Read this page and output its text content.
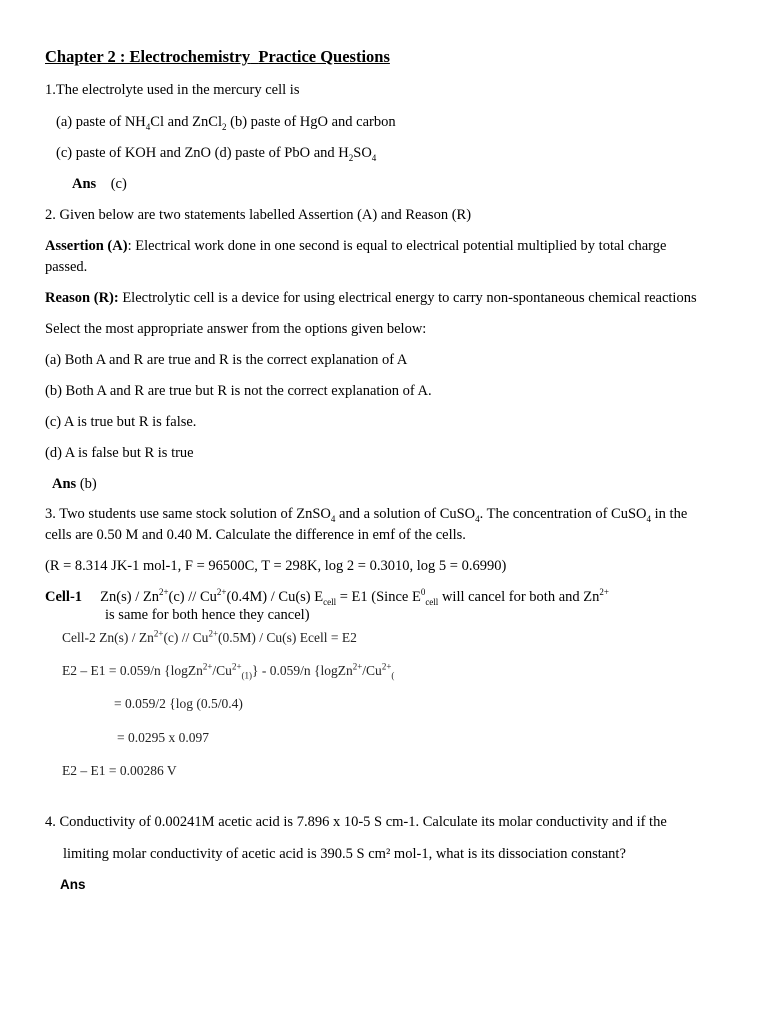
Chapter 2 : Electrochemistry Practice Questions
1.The electrolyte used in the mercury cell is
(a) paste of $NH_4Cl$ and ZnCl$_2$ (b) paste of HgO and carbon
(c) paste of KOH and ZnO (d) paste of PbO and $H_2SO_4$
Ans (c)
2. Given below are two statements labelled Assertion (A) and Reason (R)
Assertion (A): Electrical work done in one second is equal to electrical potential multiplied by total charge
passed.
Reason (R): Electrolytic cell is a device for using electrical energy to carry non-spontaneous chemical reactions
Select the most appropriate answer from the options given below:
(a) Both A and R are true and R is the correct explanation of A
(b) Both A and R are true but R is not the correct explanation of A.
(c) A is true but R is false.
(d) A is false but R is true
Ans (b)
3. Two students use same stock solution of ZnSO$_4$ and a solution of CuSO$_4$. The concentration of CuSO$_4$ in the
cells are 0.50 M and 0.40 M. Calculate the difference in emf of the cells.
(R = 8.314 JK-1 mol-1, F = 96500C, T = 298K, log 2 = 0.3010, log 5 = 0.6990)
Cell-1 $Zn(s) / Zn^{2+}(c) // Cu^{2+}(0.4M) / Cu(s) E_{cell} = E1$ (Since $E^0_{cell}$ will cancel for both and $Zn^{2+}$
is same for both hence they cancel)
Cell-2 $Zn(s) / Zn^{2+}(c) // Cu^{2+}(0.5M) / Cu(s)$ Ecell = E2
E2 – E1 = 0.059/n $\{logZn^{2+}/Cu^{2+}_{(1)}\} - 0.059/n$ {$logZn^{2+}/Cu^{2+}_($
= 0.059/2 {log (0.5/0.4)
= 0.0295 x 0.097
E2 – E1 = 0.00286 V
4. Conductivity of 0.00241M acetic acid is 7.896 x 10-5 S cm-1. Calculate its molar conductivity and if the
limiting molar conductivity of acetic acid is 390.5 S cm² mol-1, what is its dissociation constant?
Ans
